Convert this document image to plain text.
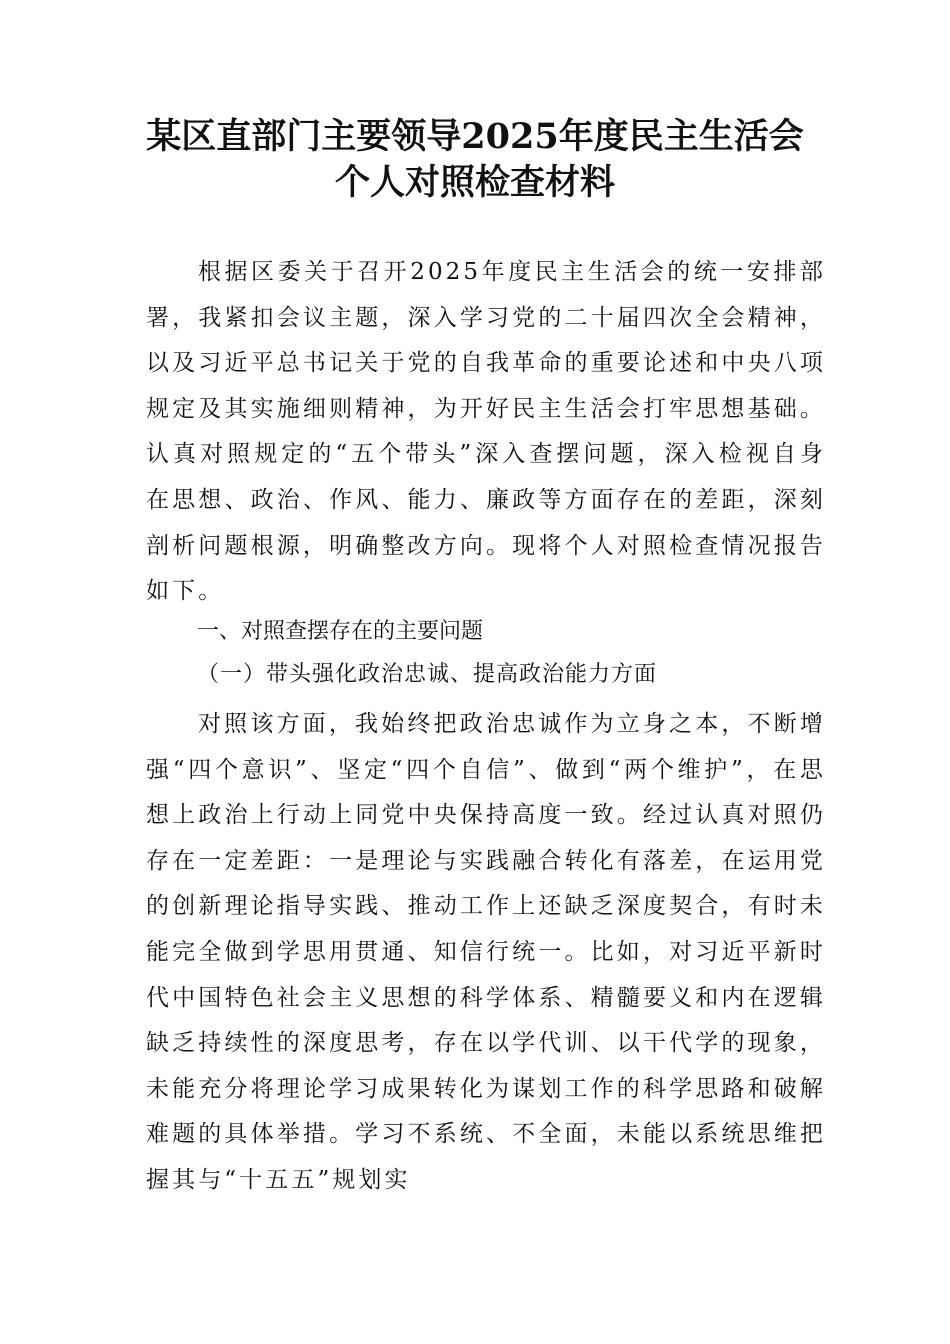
某区直部门主要领导2025年度民主生活会
个人对照检查材料

根据区委关于召开2025年度民主生活会的统一安排部署，我紧扣会议主题，深入学习党的二十届四次全会精神，以及习近平总书记关于党的自我革命的重要论述和中央八项规定及其实施细则精神，为开好民主生活会打牢思想基础。认真对照规定的“五个带头”深入查摆问题，深入检视自身在思想、政治、作风、能力、廉政等方面存在的差距，深刻剖析问题根源，明确整改方向。现将个人对照检查情况报告如下。

一、对照查摆存在的主要问题
（一）带头强化政治忠诚、提高政治能力方面

对照该方面，我始终把政治忠诚作为立身之本，不断增强“四个意识”、坚定“四个自信”、做到“两个维护”，在思想上政治上行动上同党中央保持高度一致。经过认真对照仍存在一定差距：一是理论与实践融合转化有落差，在运用党的创新理论指导实践、推动工作上还缺乏深度契合，有时未能完全做到学思用贯通、知信行统一。比如，对习近平新时代中国特色社会主义思想的科学体系、精髓要义和内在逻辑缺乏持续性的深度思考，存在以学代训、以干代学的现象，未能充分将理论学习成果转化为谋划工作的科学思路和破解难题的具体举措。学习不系统、不全面，未能以系统思维把握其与“十五五”规划实
